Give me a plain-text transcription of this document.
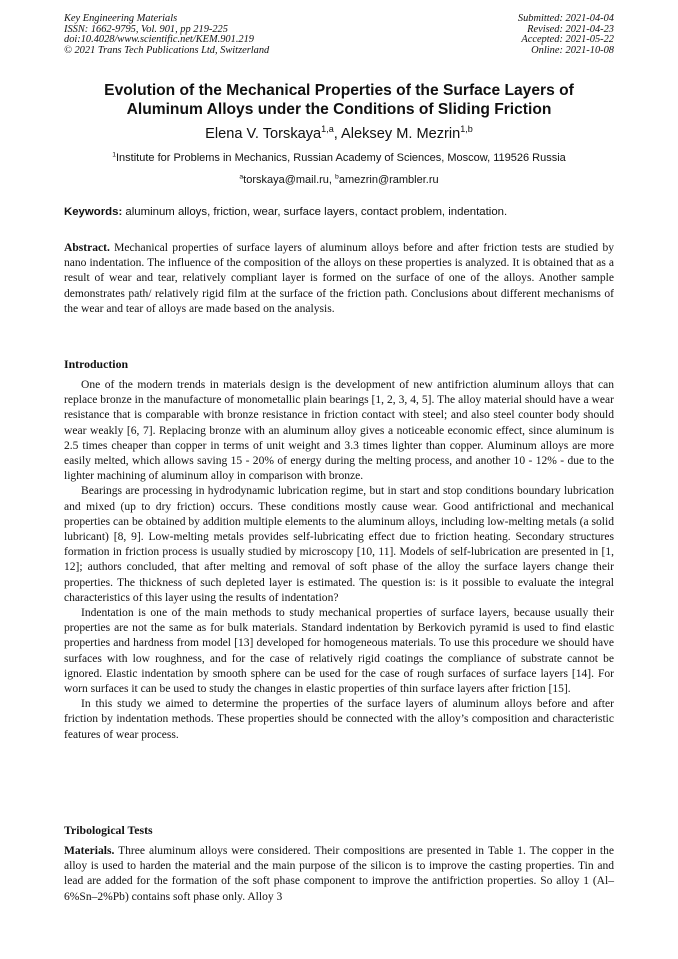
Key Engineering Materials
ISSN: 1662-9795, Vol. 901, pp 219-225
doi:10.4028/www.scientific.net/KEM.901.219
© 2021 Trans Tech Publications Ltd, Switzerland
Submitted: 2021-04-04
Revised: 2021-04-23
Accepted: 2021-05-22
Online: 2021-10-08
Evolution of the Mechanical Properties of the Surface Layers of
Aluminum Alloys under the Conditions of Sliding Friction
Elena V. Torskaya$^{1,a}$, Aleksey M. Mezrin$^{1,b}$
$^1$Institute for Problems in Mechanics, Russian Academy of Sciences, Moscow, 119526 Russia
$^a$torskaya@mail.ru, $^b$amezrin@rambler.ru
Keywords: aluminum alloys, friction, wear, surface layers, contact problem, indentation.

Abstract. Mechanical properties of surface layers of aluminum alloys before and after friction tests are studied by nano indentation. The influence of the composition of the alloys on these properties is analyzed. It is obtained that as a result of wear and tear, relatively compliant layer is formed on the surface of one of the alloys. Another sample demonstrates path/ relatively rigid film at the surface of the friction path. Conclusions about different mechanisms of the wear and tear of alloys are made based on the analysis.

Introduction

One of the modern trends in materials design is the development of new antifriction aluminum alloys that can replace bronze in the manufacture of monometallic plain bearings [1, 2, 3, 4, 5]. The alloy material should have a wear resistance that is comparable with bronze resistance in friction contact with steel; and also steel counter body should wear weakly [6, 7]. Replacing bronze with an aluminum alloy gives a noticeable economic effect, since aluminum is 2.5 times cheaper than copper in terms of unit weight and 3.3 times lighter than copper. Aluminum alloys are more easily melted, which allows saving 15 - 20% of energy during the melting process, and another 10 - 12% - due to the lighter machining of aluminum alloy in comparison with bronze.

Bearings are processing in hydrodynamic lubrication regime, but in start and stop conditions boundary lubrication and mixed (up to dry friction) occurs. These conditions mostly cause wear. Good antifrictional and mechanical properties can be obtained by addition multiple elements to the aluminum alloys, including low-melting metals (a solid lubricant) [8, 9]. Low-melting metals provides self-lubricating effect due to friction heating. Secondary structures formation in friction process is usually studied by microscopy [10, 11]. Models of self-lubrication are presented in [1, 12]; authors concluded, that after melting and removal of soft phase of the alloy the surface layers change their properties. The thickness of such depleted layer is estimated. The question is: is it possible to evaluate the integral characteristics of this layer using the results of indentation?

Indentation is one of the main methods to study mechanical properties of surface layers, because usually their properties are not the same as for bulk materials. Standard indentation by Berkovich pyramid is used to find elastic properties and hardness from model [13] developed for homogeneous materials. To use this procedure we should have surfaces with low roughness, and for the case of relatively rigid coatings the compliance of substrate cannot be ignored. Elastic indentation by smooth sphere can be used for the case of rough surfaces of surface layers [14]. For worn surfaces it can be used to study the changes in elastic properties of thin surface layers after friction [15].

In this study we aimed to determine the properties of the surface layers of aluminum alloys before and after friction by indentation methods. These properties should be connected with the alloy’s composition and characteristic features of wear process.

Tribological Tests

Materials. Three aluminum alloys were considered. Their compositions are presented in Table 1. The copper in the alloy is used to harden the material and the main purpose of the silicon is to improve the casting properties. Tin and lead are added for the formation of the soft phase component to improve the antifriction properties. So alloy 1 (Al–6%Sn–2%Pb) contains soft phase only. Alloy 3
